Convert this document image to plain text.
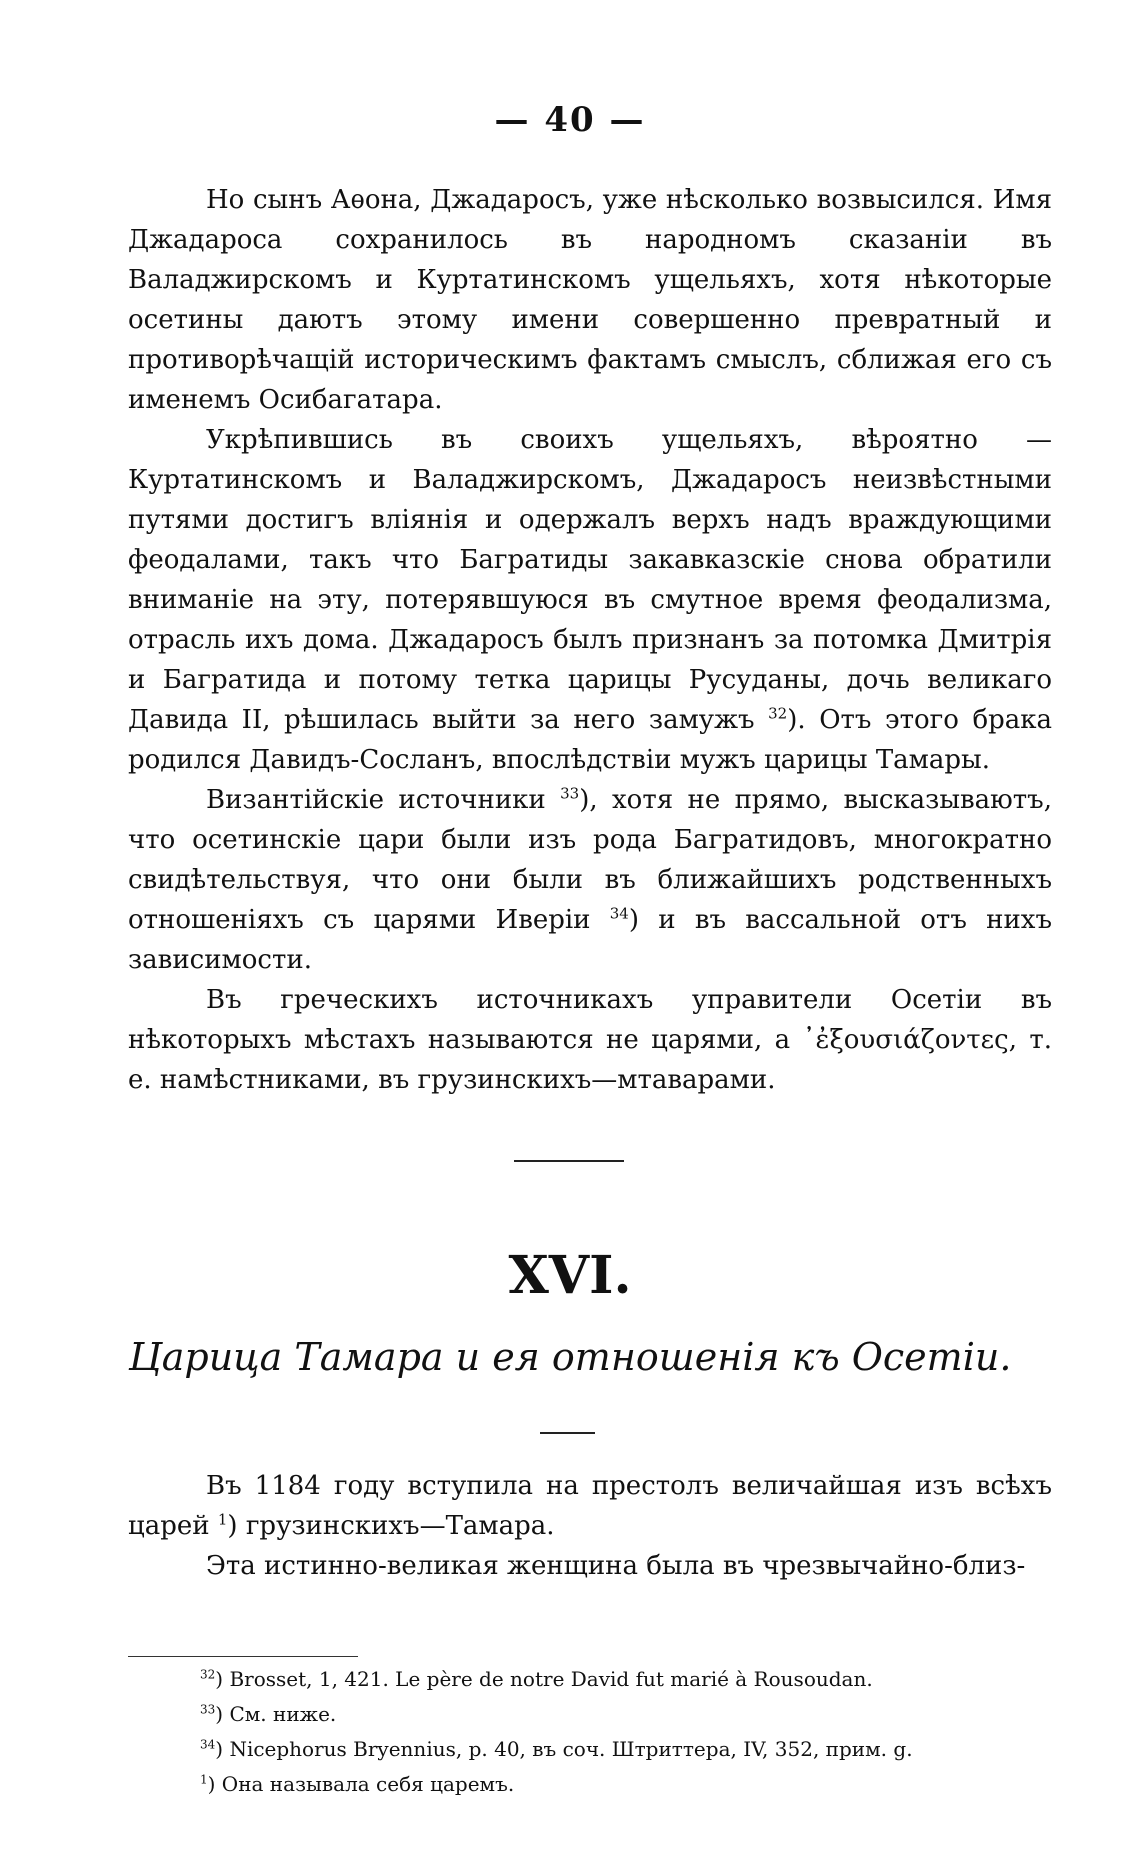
— 40 —

Но сынъ Аѳона, Джадаросъ, уже нѣсколько возвысился. Имя Джадароса сохранилось въ народномъ сказаніи въ Валаджирскомъ и Куртатинскомъ ущельяхъ, хотя нѣкоторые осетины даютъ этому имени совершенно превратный и противорѣчащій историческимъ фактамъ смыслъ, сближая его съ именемъ Осибагатара.

Укрѣпившись въ своихъ ущельяхъ, вѣроятно — Куртатинскомъ и Валаджирскомъ, Джадаросъ неизвѣстными путями достигъ вліянія и одержалъ верхъ надъ враждующими феодалами, такъ что Багратиды закавказскіе снова обратили вниманіе на эту, потерявшуюся въ смутное время феодализма, отрасль ихъ дома. Джадаросъ былъ признанъ за потомка Дмитрія и Багратида и потому тетка царицы Русуданы, дочь великаго Давида II, рѣшилась выйти за него замужъ $^{32}$). Отъ этого брака родился Давидъ-Сосланъ, впослѣдствіи мужъ царицы Тамары.

Византійскіе источники $^{33}$), хотя не прямо, высказываютъ, что осетинскіе цари были изъ рода Багратидовъ, многократно свидѣтельствуя, что они были въ ближайшихъ родственныхъ отношеніяхъ съ царями Иверіи $^{34}$) и въ вассальной отъ нихъ зависимости.

Въ греческихъ источникахъ управители Осетіи въ нѣкоторыхъ мѣстахъ называются не царями, а ᾽ἐξουσιάζοντες, т. е. намѣстниками, въ грузинскихъ—мтаварами.

XVI.
Царица Тамара и ея отношенія къ Осетіи.

Въ 1184 году вступила на престолъ величайшая изъ всѣхъ царей $^1$) грузинскихъ—Тамара.

Эта истинно-великая женщина была въ чрезвычайно-близ-

$^{32}$) Brosset, 1, 421. Le père de notre David fut marié à Rousoudan.

$^{33}$) См. ниже.

$^{34}$) Nicephorus Bryennius, p. 40, въ соч. Штриттера, IV, 352, прим. g.

$^1$) Она называла себя царемъ.
